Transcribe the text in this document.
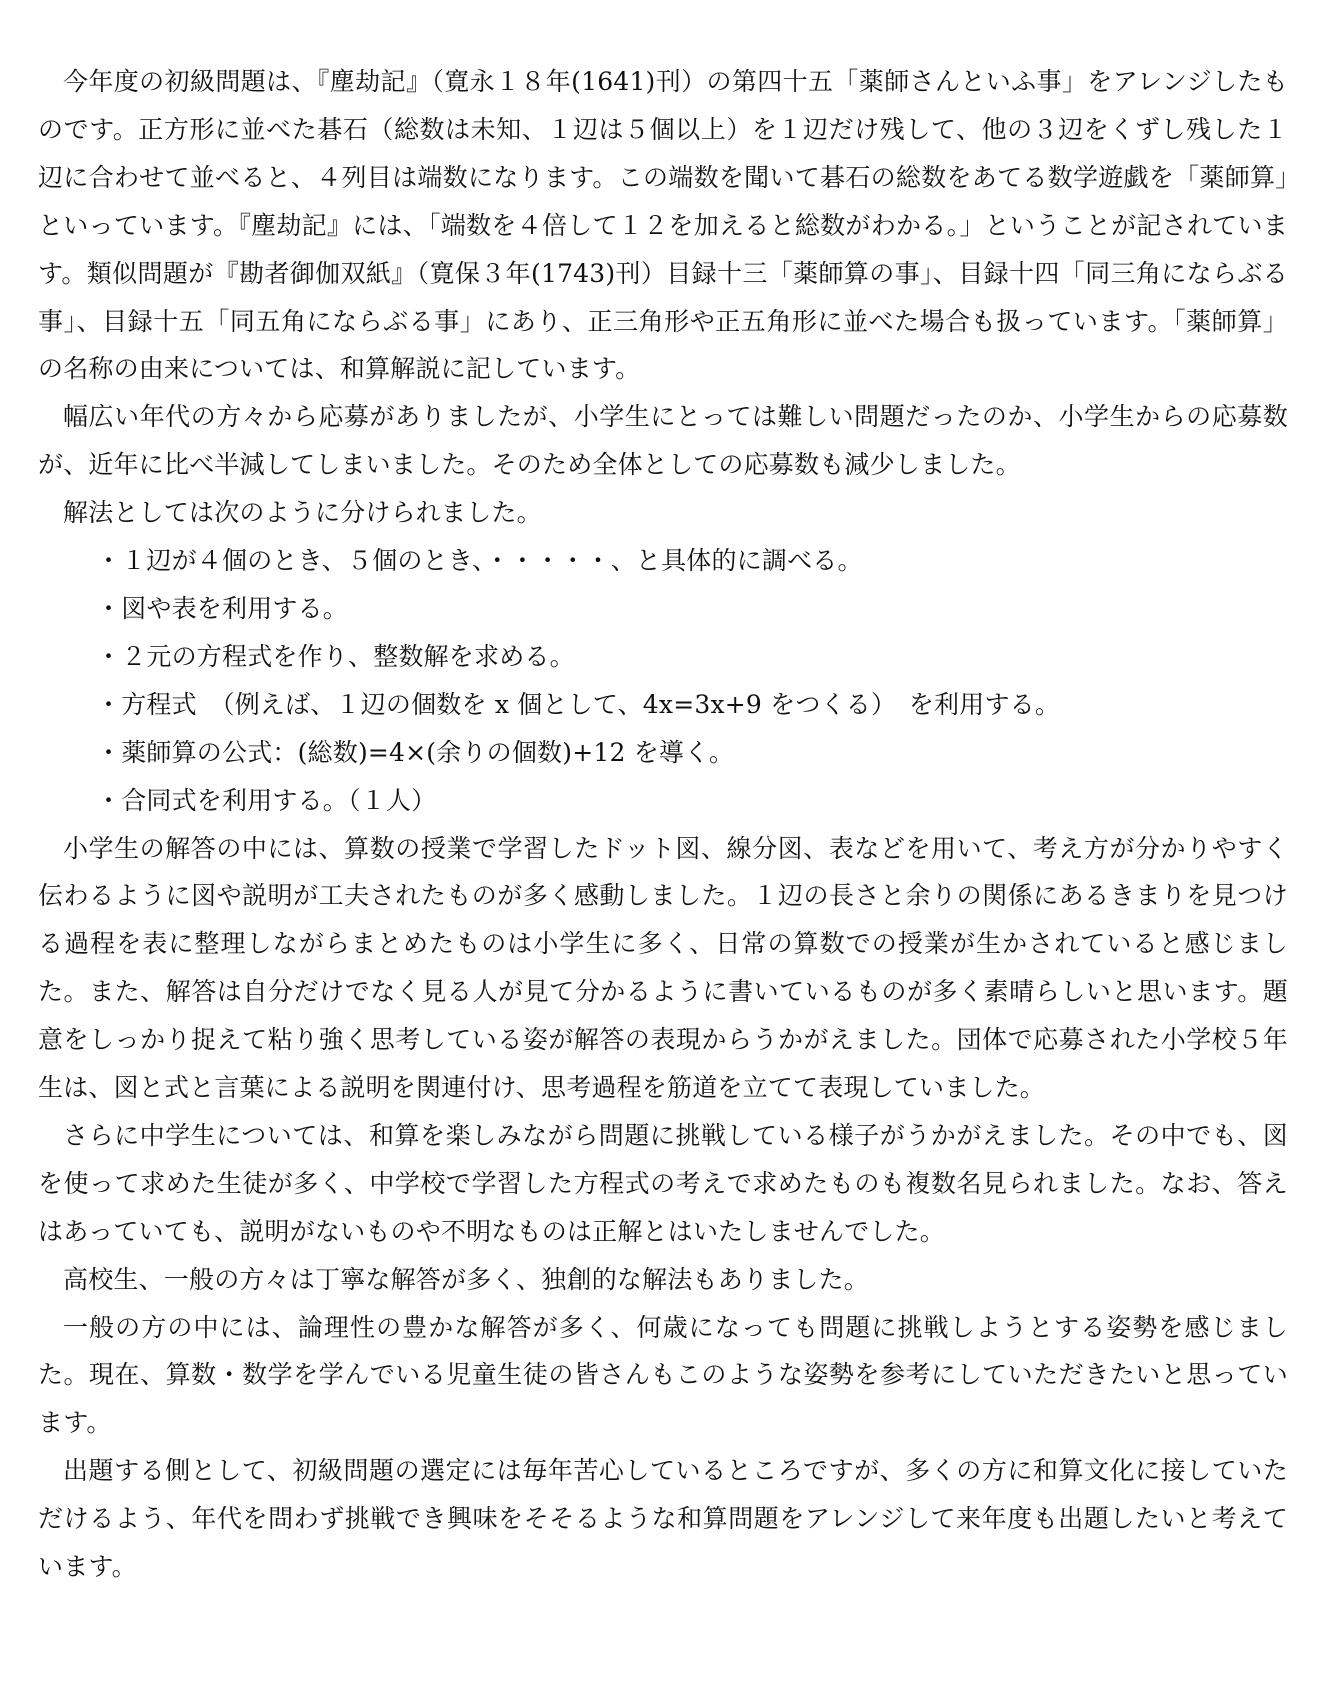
今年度の初級問題は、『塵劫記』（寛永１８年(1641)刊）の第四十五「薬師さんといふ事」をアレンジしたものです。正方形に並べた碁石（総数は未知、１辺は５個以上）を１辺だけ残して、他の３辺をくずし残した１辺に合わせて並べると、４列目は端数になります。この端数を聞いて碁石の総数をあてる数学遊戯を「薬師算」といっています。『塵劫記』には、「端数を４倍して１２を加えると総数がわかる。」ということが記されています。類似問題が『勘者御伽双紙』（寛保３年(1743)刊）目録十三「薬師算の事」、目録十四「同三角にならぶる事」、目録十五「同五角にならぶる事」にあり、正三角形や正五角形に並べた場合も扱っています。「薬師算」の名称の由来については、和算解説に記しています。

幅広い年代の方々から応募がありましたが、小学生にとっては難しい問題だったのか、小学生からの応募数が、近年に比べ半減してしまいました。そのため全体としての応募数も減少しました。

解法としては次のように分けられました。

・１辺が４個のとき、５個のとき、・・・・・、と具体的に調べる。
・図や表を利用する。
・２元の方程式を作り、整数解を求める。
・方程式　（例えば、１辺の個数を x 個として、4x=3x+9 をつくる）　を利用する。
・薬師算の公式：(総数)=4×(余りの個数)+12 を導く。
・合同式を利用する。（１人）

小学生の解答の中には、算数の授業で学習したドット図、線分図、表などを用いて、考え方が分かりやすく伝わるように図や説明が工夫されたものが多く感動しました。１辺の長さと余りの関係にあるきまりを見つける過程を表に整理しながらまとめたものは小学生に多く、日常の算数での授業が生かされていると感じました。また、解答は自分だけでなく見る人が見て分かるように書いているものが多く素晴らしいと思います。題意をしっかり捉えて粘り強く思考している姿が解答の表現からうかがえました。団体で応募された小学校５年生は、図と式と言葉による説明を関連付け、思考過程を筋道を立てて表現していました。

さらに中学生については、和算を楽しみながら問題に挑戦している様子がうかがえました。その中でも、図を使って求めた生徒が多く、中学校で学習した方程式の考えで求めたものも複数名見られました。なお、答えはあっていても、説明がないものや不明なものは正解とはいたしませんでした。

高校生、一般の方々は丁寧な解答が多く、独創的な解法もありました。

一般の方の中には、論理性の豊かな解答が多く、何歳になっても問題に挑戦しようとする姿勢を感じました。現在、算数・数学を学んでいる児童生徒の皆さんもこのような姿勢を参考にしていただきたいと思っています。

出題する側として、初級問題の選定には毎年苦心しているところですが、多くの方に和算文化に接していただけるよう、年代を問わず挑戦でき興味をそそるような和算問題をアレンジして来年度も出題したいと考えています。
